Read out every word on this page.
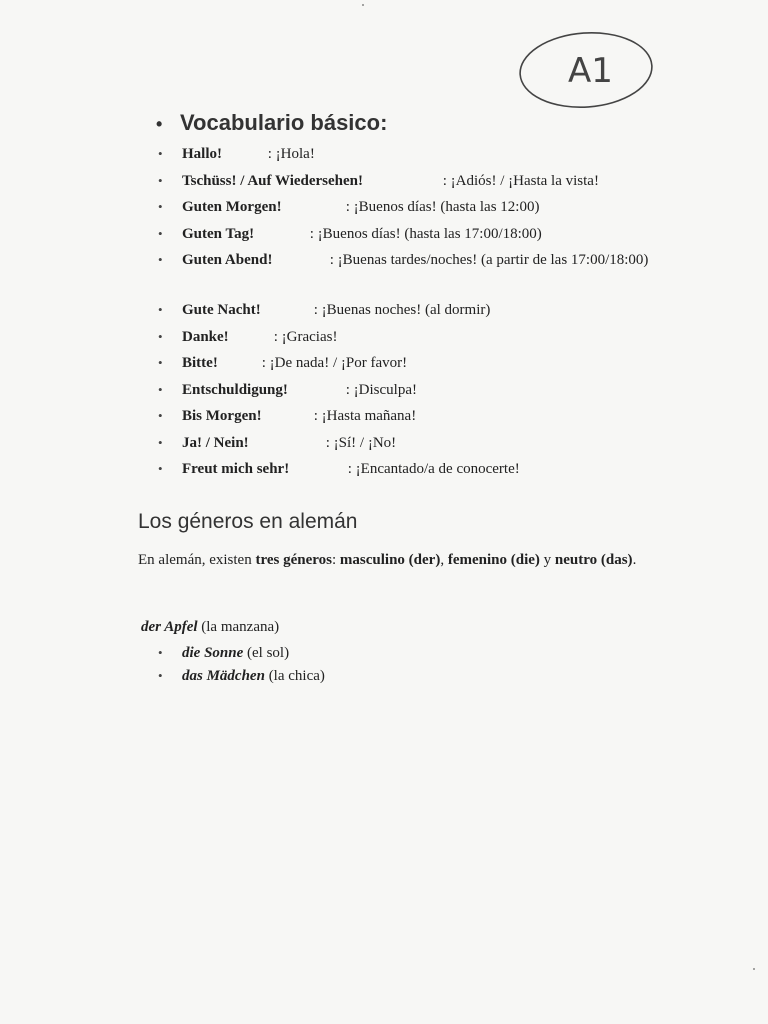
A1
• Vocabulario básico:
• Hallo!	: ¡Hola!
• Tschüss! / Auf Wiedersehen!	: ¡Adiós! / ¡Hasta la vista!
• Guten Morgen!	: ¡Buenos días! (hasta las 12:00)
• Guten Tag!	: ¡Buenos días! (hasta las 17:00/18:00)
• Guten Abend!	: ¡Buenas tardes/noches! (a partir de las 17:00/18:00)
• Gute Nacht!	: ¡Buenas noches! (al dormir)
• Danke!	: ¡Gracias!
• Bitte!	: ¡De nada! / ¡Por favor!
• Entschuldigung!	: ¡Disculpa!
• Bis Morgen!	: ¡Hasta mañana!
• Ja! / Nein!	: ¡Sí! / ¡No!
• Freut mich sehr!	: ¡Encantado/a de conocerte!
Los géneros en alemán
En alemán, existen tres géneros: masculino (der), femenino (die) y neutro (das).
der Apfel (la manzana)
• die Sonne (el sol)
• das Mädchen (la chica)
